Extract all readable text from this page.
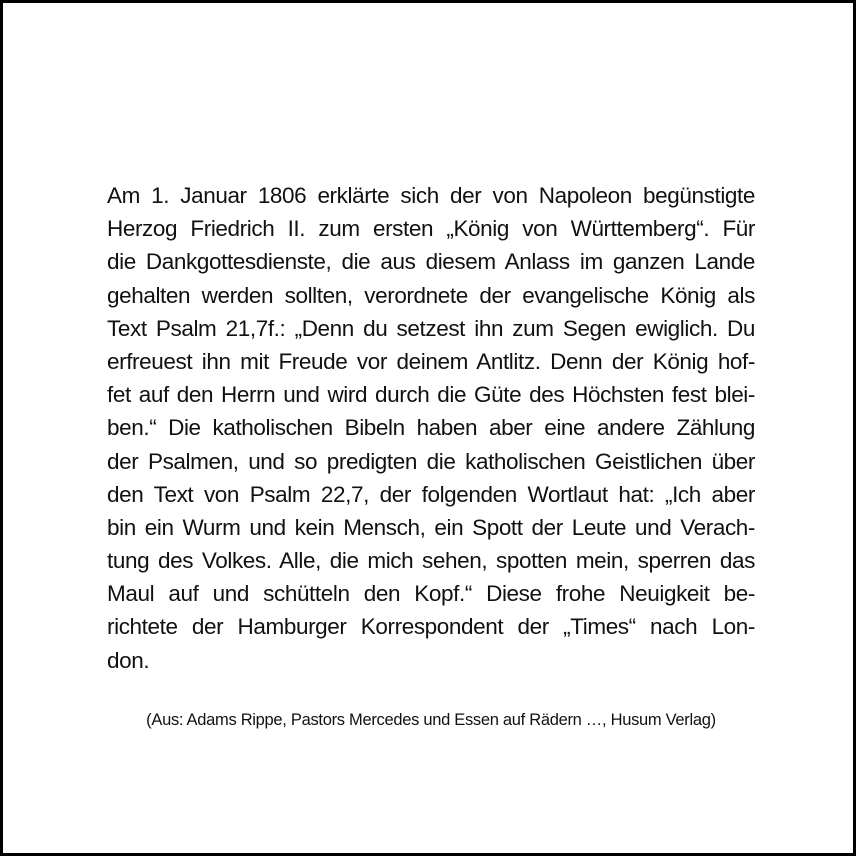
Am 1. Januar 1806 erklärte sich der von Napoleon begünstigte
Herzog Friedrich II. zum ersten „König von Württemberg“. Für
die Dankgottesdienste, die aus diesem Anlass im ganzen Lande
gehalten werden sollten, verordnete der evangelische König als
Text Psalm 21,7f.: „Denn du setzest ihn zum Segen ewiglich. Du
erfreuest ihn mit Freude vor deinem Antlitz. Denn der König hof-
fet auf den Herrn und wird durch die Güte des Höchsten fest blei-
ben.“ Die katholischen Bibeln haben aber eine andere Zählung
der Psalmen, und so predigten die katholischen Geistlichen über
den Text von Psalm 22,7, der folgenden Wortlaut hat: „Ich aber
bin ein Wurm und kein Mensch, ein Spott der Leute und Verach-
tung des Volkes. Alle, die mich sehen, spotten mein, sperren das
Maul auf und schütteln den Kopf.“ Diese frohe Neuigkeit be-
richtete der Hamburger Korrespondent der „Times“ nach Lon-
don.
(Aus: Adams Rippe, Pastors Mercedes und Essen auf Rädern …, Husum Verlag)
